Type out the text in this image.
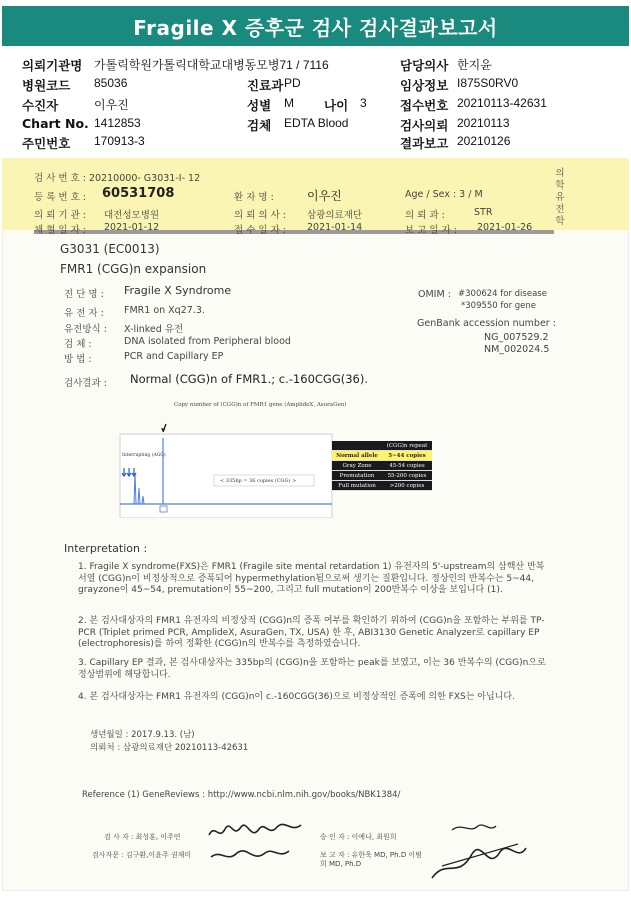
Fragile X 증후군 검사 검사결과보고서
의뢰기관명 가톨릭학원가톨릭대학교대병동모병71 / 7116	담당의사 한지윤
병원코드 85036	진료과 PD	임상정보 I875S0RV0
수진자	이우진	성별 M 나이 3	접수번호 20210113-42631
Chart No. 1412853	검체 EDTA Blood	검사의뢰 20210113
주민번호 170913-3	결과보고 20210126
검 사 번 호 : 20210000- G3031-I- 12
등 록 번 호 : 60531708	환 자 명 :	이우진	Age / Sex : 3 / M
의 뢰 기 관 : 대전성모병원	의 뢰 의 사 : 삼광의료재단	의 뢰 과 :	STR
채 혈 일 자 : 2021-01-12	접 수 일 자 : 2021-01-14	보 고 일 자 : 2021-01-26
의학유전학
G3031 (EC0013)
FMR1 (CGG)n expansion
진 단 명 : Fragile X Syndrome
유 전 자 : FMR1 on Xq27.3.
유전방식 : X-linked 유전
검 체 :	DNA isolated from Peripheral blood
방 법 :	PCR and Capillary EP
OMIM : #300624 for disease
*309550 for gene
GenBank accession number :
NG_007529.2
NM_002024.5
검사결과 : Normal (CGG)n of FMR1.; c.-160CGG(36).
Copy number of (CGG)n of FMR1 gene (AmplideX, AsuraGen)
Interrupting (AGG)
< 335bp = 36 copies (CGG) >
(CGG)n repeat
Normal allele	5~44 copies
Gray Zone	45-54 copies
Premutation	55-200 copies
Full mutation	>200 copies
Interpretation :
1. Fragile X syndrome(FXS)은 FMR1 (Fragile site mental retardation 1) 유전자의 5'-upstream의 삼핵산 반복서열 (CGG)n이 비정상적으로 증폭되어 hypermethylation됨으로써 생기는 질환입니다. 정상인의 반복수는 5~44, grayzone이 45~54, premutation이 55~200, 그리고 full mutation이 200반복수 이상을 보입니다 (1).
2. 본 검사대상자의 FMR1 유전자의 비정상적 (CGG)n의 증폭 여부를 확인하기 위하여 (CGG)n을 포함하는 부위를 TP-PCR (Triplet primed PCR, AmplideX, AsuraGen, TX, USA) 한 후, ABI3130 Genetic Analyzer로 capillary EP (electrophoresis)를 하여 정확한 (CGG)n의 반복수를 측정하였습니다.
3. Capillary EP 결과, 본 검사대상자는 335bp의 (CGG)n을 포함하는 peak를 보였고, 이는 36 반복수의 (CGG)n으로 정상범위에 해당합니다.
4. 본 검사대상자는 FMR1 유전자의 (CGG)n이 c.-160CGG(36)으로 비정상적인 증폭에 의한 FXS는 아닙니다.
생년월일 : 2017.9.13. (남)
의뢰처 : 삼광의료재단 20210113-42631
Reference (1) GeneReviews : http://www.ncbi.nlm.nih.gov/books/NBK1384/
검 사 자 : 최성훈, 이주연
검사자문 : 김구환,이윤주 권재미
승 인 자 : 이예나, 최원희
보 고 자 : 유한욱 MD, Ph.D 이범희 MD, Ph.D
